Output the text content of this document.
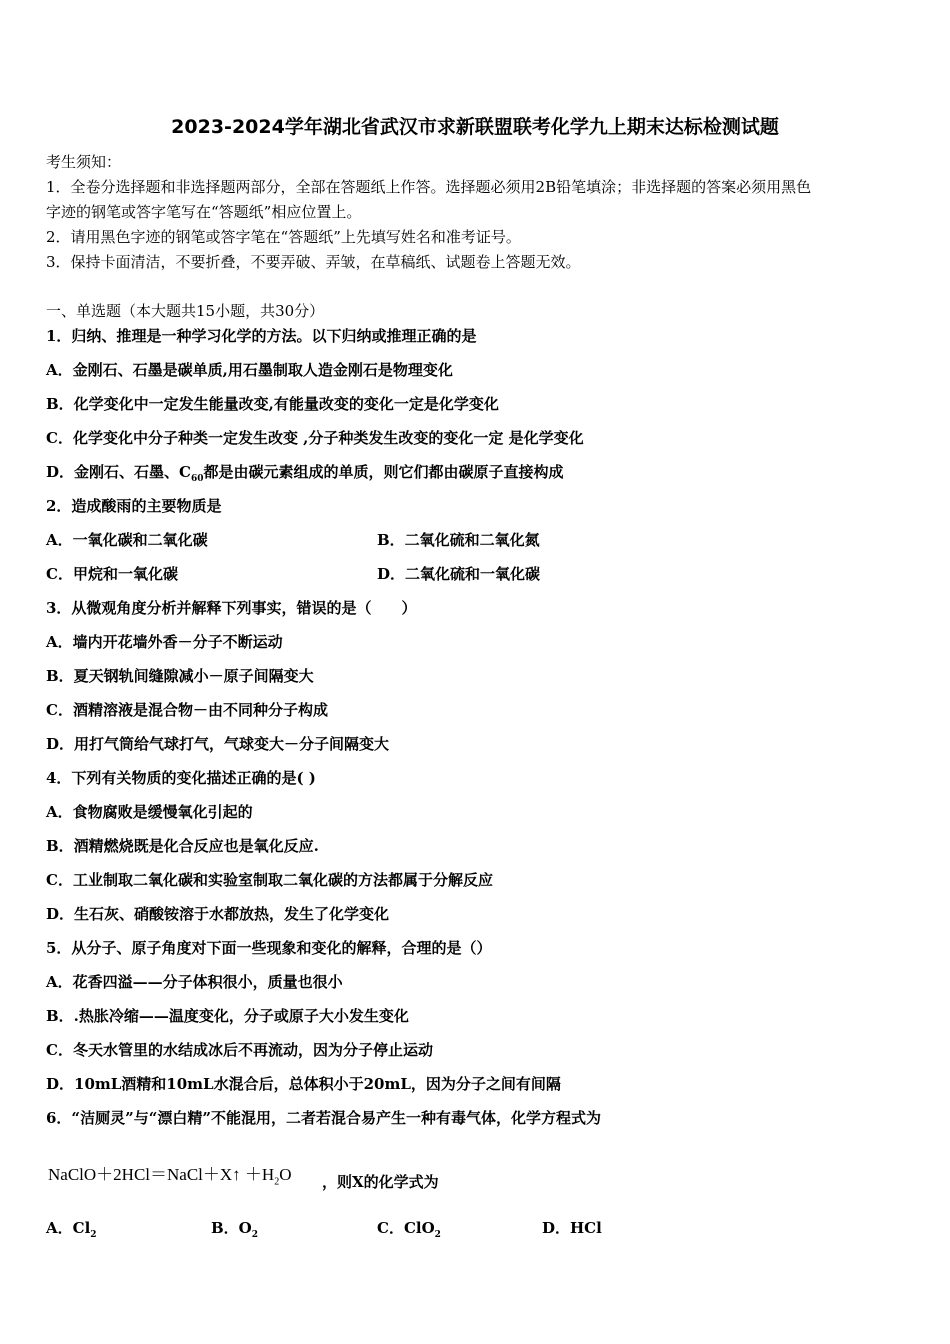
2023-2024学年湖北省武汉市求新联盟联考化学九上期末达标检测试题
考生须知：
1．全卷分选择题和非选择题两部分，全部在答题纸上作答。选择题必须用2B铅笔填涂；非选择题的答案必须用黑色
字迹的钢笔或答字笔写在“答题纸”相应位置上。
2．请用黑色字迹的钢笔或答字笔在“答题纸”上先填写姓名和准考证号。
3．保持卡面清洁，不要折叠，不要弄破、弄皱，在草稿纸、试题卷上答题无效。
一、单选题（本大题共15小题，共30分）
1．归纳、推理是一种学习化学的方法。以下归纳或推理正确的是
A．金刚石、石墨是碳单质,用石墨制取人造金刚石是物理变化
B．化学变化中一定发生能量改变,有能量改变的变化一定是化学变化
C．化学变化中分子种类一定发生改变 ,分子种类发生改变的变化一定 是化学变化
D．金刚石、石墨、$C_{60}$都是由碳元素组成的单质，则它们都由碳原子直接构成
2．造成酸雨的主要物质是
A．一氧化碳和二氧化碳	B．二氧化硫和二氧化氮
C．甲烷和一氧化碳	D．二氧化硫和一氧化碳
3．从微观角度分析并解释下列事实，错误的是（　　）
A．墙内开花墙外香－分子不断运动
B．夏天钢轨间缝隙减小－原子间隔变大
C．酒精溶液是混合物－由不同种分子构成
D．用打气筒给气球打气，气球变大－分子间隔变大
4．下列有关物质的变化描述正确的是( )
A．食物腐败是缓慢氧化引起的
B．酒精燃烧既是化合反应也是氧化反应.
C．工业制取二氧化碳和实验室制取二氧化碳的方法都属于分解反应
D．生石灰、硝酸铵溶于水都放热，发生了化学变化
5．从分子、原子角度对下面一些现象和变化的解释，合理的是（）
A．花香四溢——分子体积很小，质量也很小
B．.热胀冷缩——温度变化，分子或原子大小发生变化
C．冬天水管里的水结成冰后不再流动，因为分子停止运动
D．10mL酒精和10mL水混合后，总体积小于20mL，因为分子之间有间隔
6．“洁厕灵”与“漂白精”不能混用，二者若混合易产生一种有毒气体，化学方程式为
NaClO＋2HCl＝NaCl＋X↑ $+H_2O$ ，则X的化学式为
A．$Cl_2$	B．$O_2$	C．ClO$_2$	D．HCl
